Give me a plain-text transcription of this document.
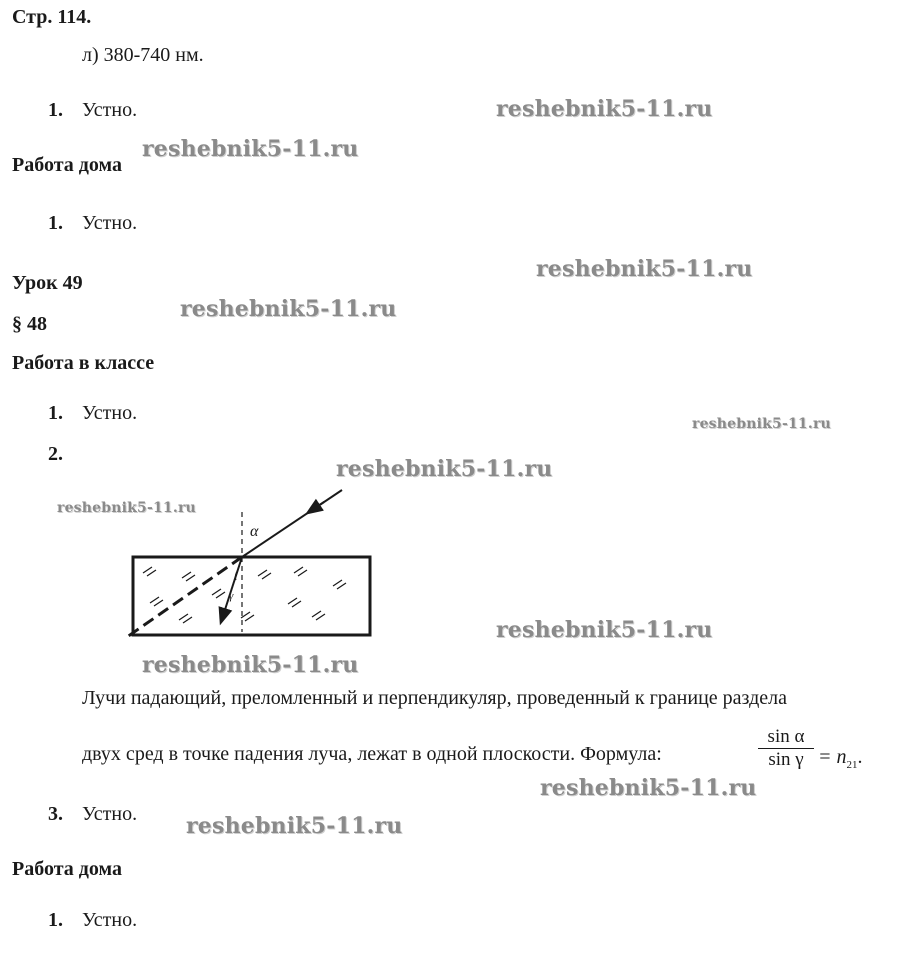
Стр. 114.
л) 380-740 нм.
1. Устно.
Работа дома
1. Устно.
Урок 49
§ 48
Работа в классе
1. Устно.
2.
α
γ
Лучи падающий, преломленный и перпендикуляр, проведенный к границе раздела
двух сред в точке падения луча, лежат в одной плоскости. Формула:
sin α
$\sin \gamma = n_{21}$.
3. Устно.
Работа дома
1. Устно.
reshebnik5-11.ru
reshebnik5-11.ru
reshebnik5-11.ru
reshebnik5-11.ru
reshebnik5-11.ru
reshebnik5-11.ru
reshebnik5-11.ru
reshebnik5-11.ru
reshebnik5-11.ru
reshebnik5-11.ru
reshebnik5-11.ru
